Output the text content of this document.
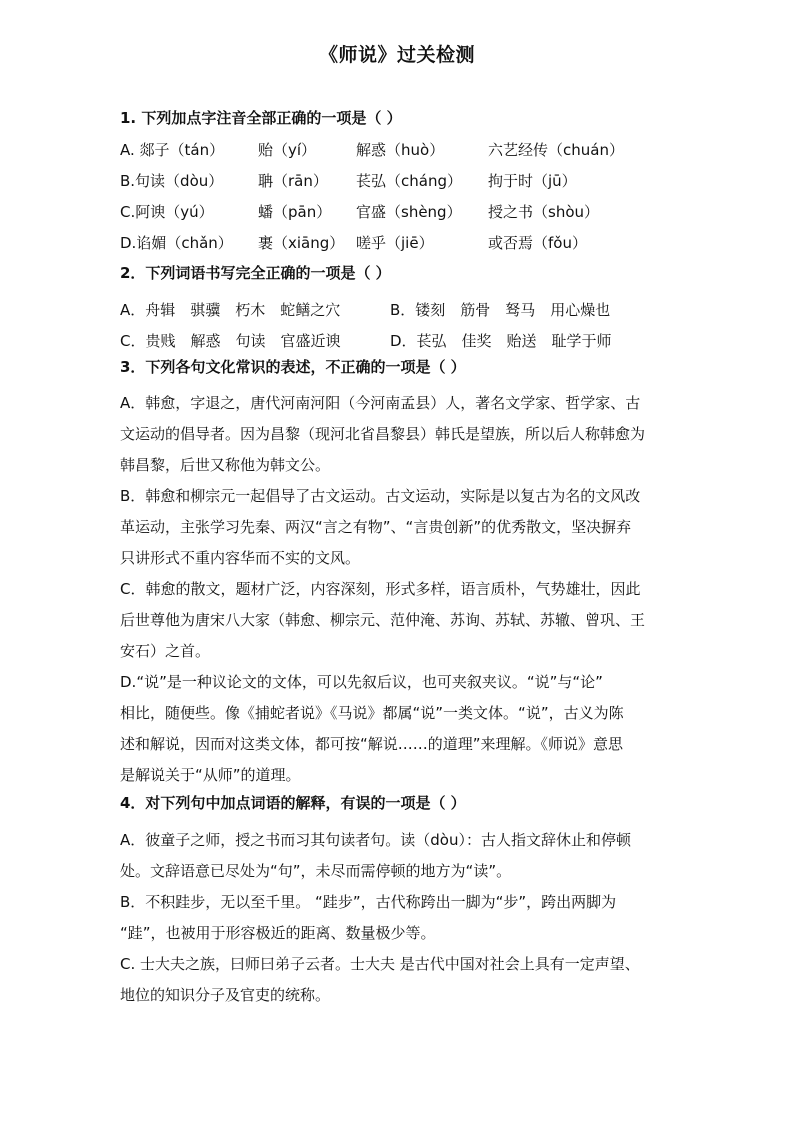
《师说》过关检测
1. 下列加点字注音全部正确的一项是（ ）
A. 郯子（tán） 贻（yí）	解惑（huò）	六艺经传（chuán）
B.句读（dòu） 聃（rān） 苌弘（cháng） 拘于时（jū）
C.阿谀（yú）	蟠（pān） 官盛（shèng） 授之书（shòu）
D.谄媚（chǎn） 裹（xiāng） 嗟乎（jiē）	或否焉（fǒu）
2．下列词语书写完全正确的一项是（ ）
A．舟辑　骐骥　朽木　蛇鳝之穴	B．镂刻　筋骨　驽马　用心燥也
C．贵贱　解惑　句读　官盛近谀	D．苌弘　佳奖　贻送　耻学于师
3．下列各句文化常识的表述，不正确的一项是（ ）
A．韩愈，字退之，唐代河南河阳（今河南孟县）人，著名文学家、哲学家、古
文运动的倡导者。因为昌黎（现河北省昌黎县）韩氏是望族，所以后人称韩愈为
韩昌黎，后世又称他为韩文公。
B．韩愈和柳宗元一起倡导了古文运动。古文运动，实际是以复古为名的文风改
革运动，主张学习先秦、两汉“言之有物”、“言贵创新”的优秀散文，坚决摒弃
只讲形式不重内容华而不实的文风。
C．韩愈的散文，题材广泛，内容深刻，形式多样，语言质朴，气势雄壮，因此
后世尊他为唐宋八大家（韩愈、柳宗元、范仲淹、苏询、苏轼、苏辙、曾巩、王
安石）之首。
D.“说”是一种议论文的文体，可以先叙后议，也可夹叙夹议。“说”与“论”
相比，随便些。像《捕蛇者说》《马说》都属“说”一类文体。“说”，古义为陈
述和解说，因而对这类文体，都可按“解说……的道理”来理解。《师说》意思
是解说关于“从师”的道理。
4．对下列句中加点词语的解释，有误的一项是（ ）
A．彼童子之师，授之书而习其句读者句。读（dòu）：古人指文辞休止和停顿
处。文辞语意已尽处为“句”，未尽而需停顿的地方为“读”。
B．不积跬步，无以至千里。 “跬步”，古代称跨出一脚为“步”，跨出两脚为
“跬”，也被用于形容极近的距离、数量极少等。
C. 士大夫之族，曰师曰弟子云者。士大夫 是古代中国对社会上具有一定声望、
地位的知识分子及官吏的统称。
